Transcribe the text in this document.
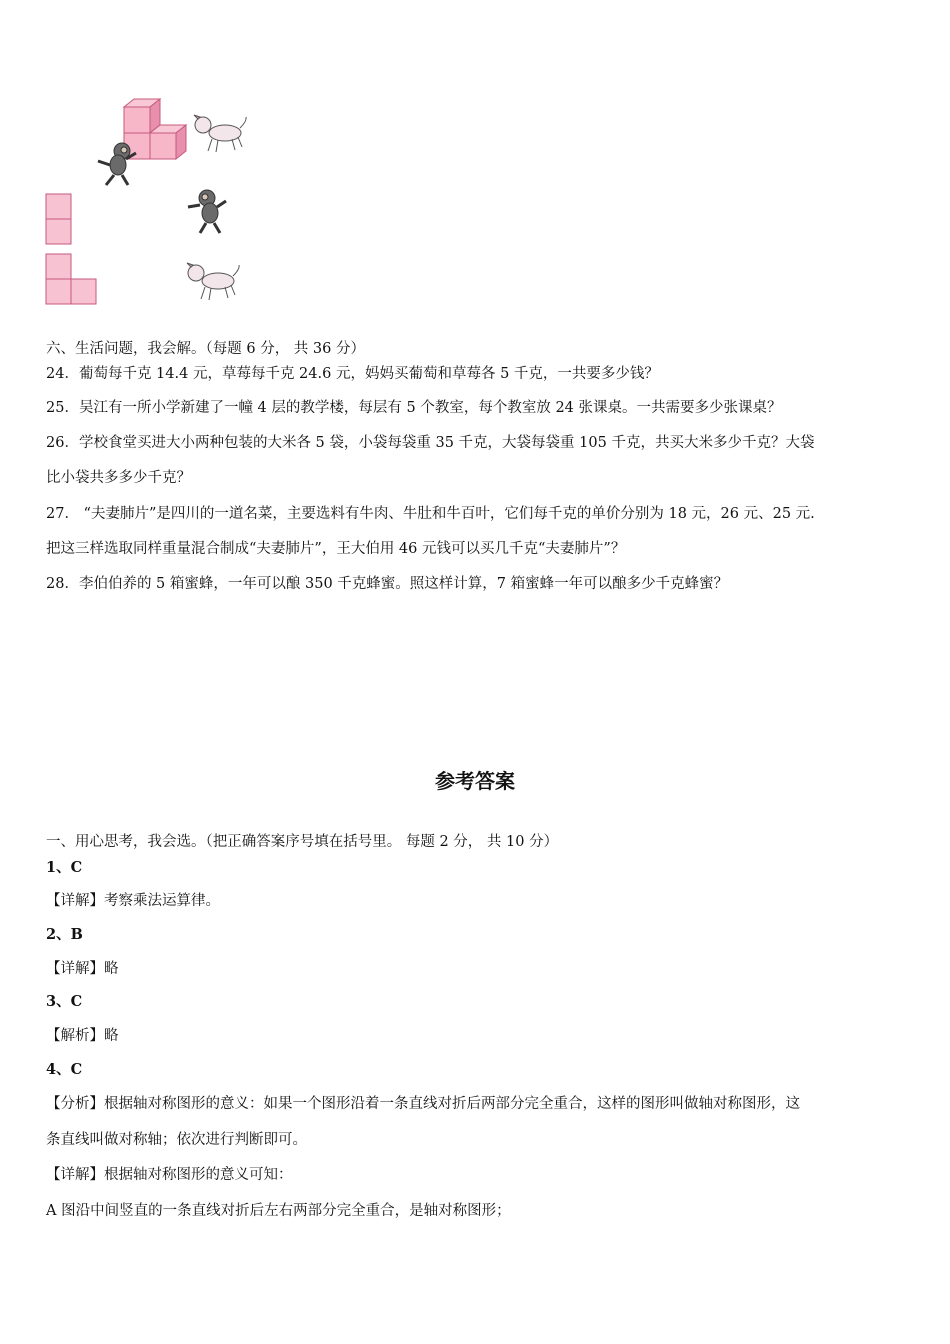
六、生活问题，我会解。（每题 6 分， 共 36 分）
24．葡萄每千克 14.4 元，草莓每千克 24.6 元，妈妈买葡萄和草莓各 5 千克，一共要多少钱？
25．吴江有一所小学新建了一幢 4 层的教学楼，每层有 5 个教室，每个教室放 24 张课桌。一共需要多少张课桌？
26．学校食堂买进大小两种包装的大米各 5 袋，小袋每袋重 35 千克，大袋每袋重 105 千克，共买大米多少千克？大袋
比小袋共多多少千克？
27． “夫妻肺片”是四川的一道名菜，主要选料有牛肉、牛肚和牛百叶，它们每千克的单价分别为 18 元，26 元、25 元.
把这三样选取同样重量混合制成“夫妻肺片”，王大伯用 46 元钱可以买几千克“夫妻肺片”？
28．李伯伯养的 5 箱蜜蜂，一年可以酿 350 千克蜂蜜。照这样计算，7 箱蜜蜂一年可以酿多少千克蜂蜜？
参考答案
一、用心思考，我会选。（把正确答案序号填在括号里。 每题 2 分， 共 10 分）
1、C
【详解】考察乘法运算律。
2、B
【详解】略
3、C
【解析】略
4、C
【分析】根据轴对称图形的意义：如果一个图形沿着一条直线对折后两部分完全重合，这样的图形叫做轴对称图形，这
条直线叫做对称轴；依次进行判断即可。
【详解】根据轴对称图形的意义可知：
A 图沿中间竖直的一条直线对折后左右两部分完全重合，是轴对称图形；
